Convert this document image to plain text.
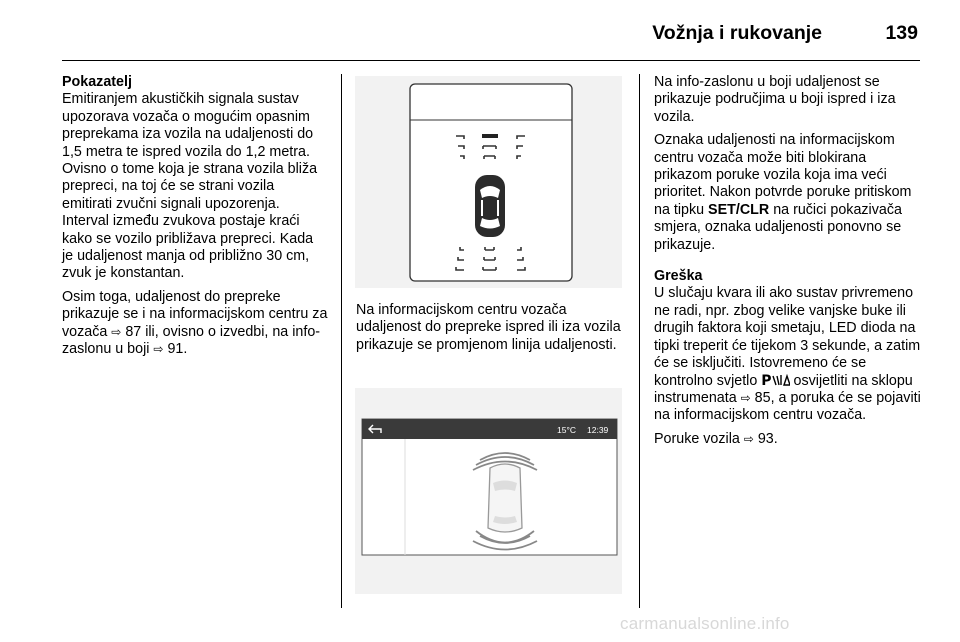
Vožnja i rukovanje	139
Pokazatelj

Emitiranjem akustičkih signala sustav upozorava vozača o mogućim opasnim preprekama iza vozila na udaljenosti do 1,5 metra te ispred vozila do 1,2 metra. Ovisno o tome koja je strana vozila bliža prepreci, na toj će se strani vozila emitirati zvučni signali upozorenja. Interval između zvukova postaje kraći kako se vozilo približava prepreci. Kada je udaljenost manja od približno 30 cm, zvuk je konstantan.

Osim toga, udaljenost do prepreke prikazuje se i na informacijskom centru za vozača ⇨ 87 ili, ovisno o izvedbi, na info-zaslonu u boji ⇨ 91.

Na informacijskom centru vozača udaljenost do prepreke ispred ili iza vozila prikazuje se promjenom linija udaljenosti.

15°C 12:39

Na info-zaslonu u boji udaljenost se prikazuje područjima u boji ispred i iza vozila.

Oznaka udaljenosti na informacijskom centru vozača može biti blokirana prikazom poruke vozila koja ima veći prioritet. Nakon potvrde poruke pritiskom na tipku SET/CLR na ručici pokazivača smjera, oznaka udaljenosti ponovno se prikazuje.

Greška

U slučaju kvara ili ako sustav privremeno ne radi, npr. zbog velike vanjske buke ili drugih faktora koji smetaju, LED dioda na tipki treperit će tijekom 3 sekunde, a zatim će se isključiti. Istovremeno će se kontrolno svjetlo P osvijetliti na sklopu instrumenata ⇨ 85, a poruka će se pojaviti na informacijskom centru vozača.

Poruke vozila ⇨ 93.

carmanualsonline.info
